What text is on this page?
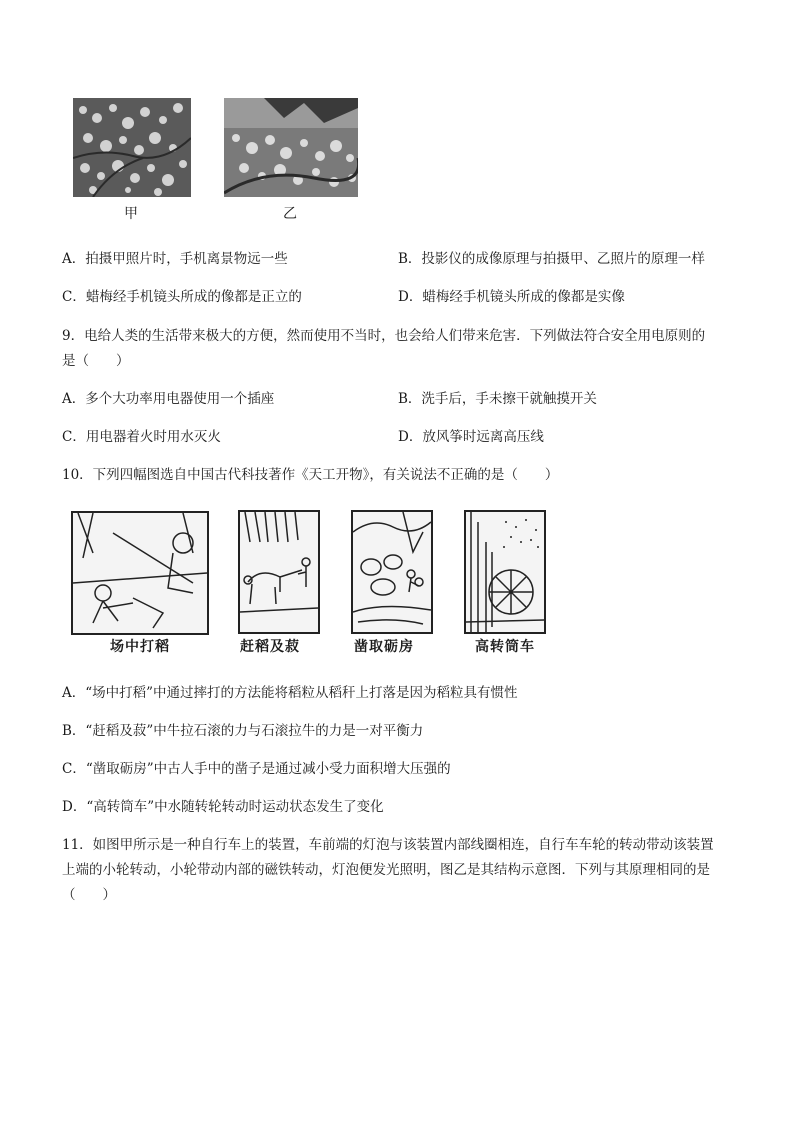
甲	乙
A．拍摄甲照片时，手机离景物远一些	B．投影仪的成像原理与拍摄甲、乙照片的原理一样
C．蜡梅经手机镜头所成的像都是正立的	D．蜡梅经手机镜头所成的像都是实像
9．电给人类的生活带来极大的方便，然而使用不当时，也会给人们带来危害．下列做法符合安全用电原则的
是（　　）
A．多个大功率用电器使用一个插座	B．洗手后，手未擦干就触摸开关
C．用电器着火时用水灭火	D．放风筝时远离高压线
10．下列四幅图选自中国古代科技著作《天工开物》，有关说法不正确的是（　　）
场中打稻	赶稻及菽	凿取砺房	高转筒车
A．“场中打稻”中通过摔打的方法能将稻粒从稻秆上打落是因为稻粒具有惯性
B．“赶稻及菽”中牛拉石滚的力与石滚拉牛的力是一对平衡力
C．“凿取砺房”中古人手中的凿子是通过减小受力面积增大压强的
D．“高转筒车”中水随转轮转动时运动状态发生了变化
11．如图甲所示是一种自行车上的装置，车前端的灯泡与该装置内部线圈相连，自行车车轮的转动带动该装置
上端的小轮转动，小轮带动内部的磁铁转动，灯泡便发光照明，图乙是其结构示意图．下列与其原理相同的是
（　　）
